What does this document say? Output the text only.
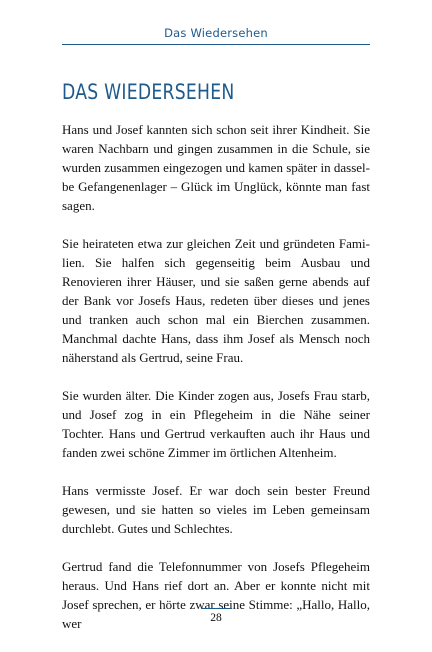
Das Wiedersehen
DAS WIEDERSEHEN

Hans und Josef kannten sich schon seit ihrer Kindheit. Sie waren Nachbarn und gingen zusammen in die Schule, sie wurden zusammen eingezogen und kamen später in dasselbe Gefangenenlager – Glück im Unglück, könnte man fast sagen.

Sie heirateten etwa zur gleichen Zeit und gründeten Familien. Sie halfen sich gegenseitig beim Ausbau und Renovieren ihrer Häuser, und sie saßen gerne abends auf der Bank vor Josefs Haus, redeten über dieses und jenes und tranken auch schon mal ein Bierchen zusammen. Manchmal dachte Hans, dass ihm Josef als Mensch noch näherstand als Gertrud, seine Frau.

Sie wurden älter. Die Kinder zogen aus, Josefs Frau starb, und Josef zog in ein Pflegeheim in die Nähe seiner Tochter. Hans und Gertrud verkauften auch ihr Haus und fanden zwei schöne Zimmer im örtlichen Altenheim.

Hans vermisste Josef. Er war doch sein bester Freund gewesen, und sie hatten so vieles im Leben gemeinsam durchlebt. Gutes und Schlechtes.

Gertrud fand die Telefonnummer von Josefs Pflegeheim heraus. Und Hans rief dort an. Aber er konnte nicht mit Josef sprechen, er hörte zwar seine Stimme: „Hallo, Hallo, wer	28
